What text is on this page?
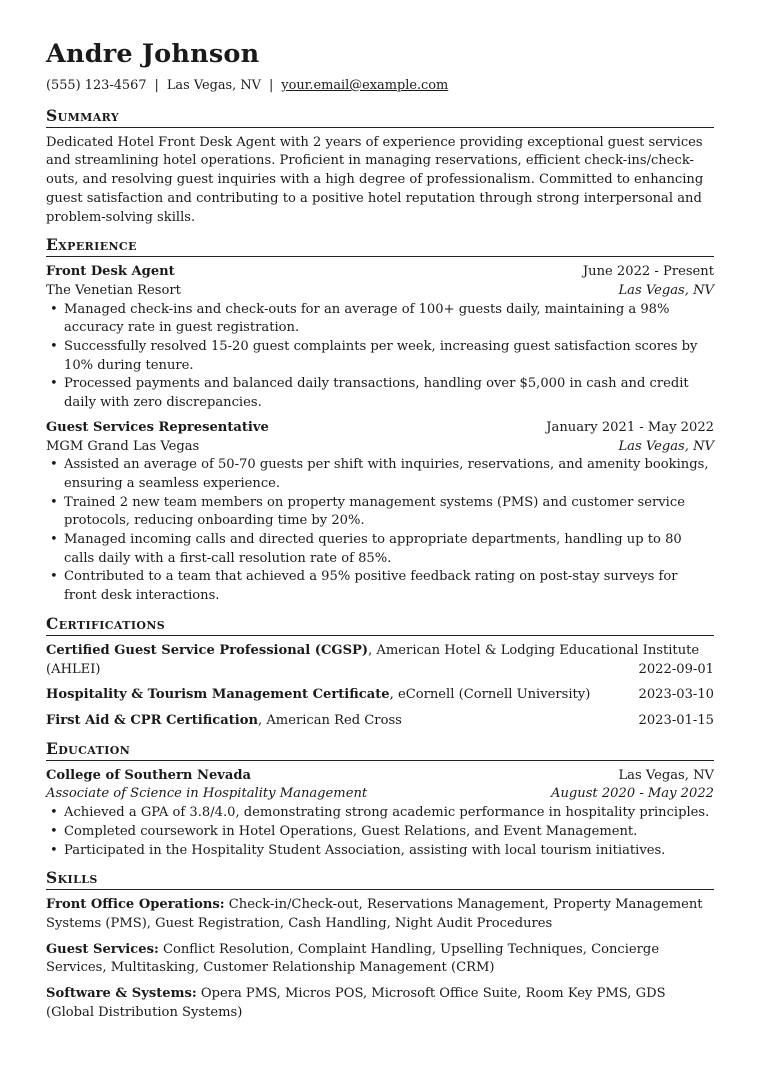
Andre Johnson
(555) 123-4567 | Las Vegas, NV | your.email@example.com
Summary

Dedicated Hotel Front Desk Agent with 2 years of experience providing exceptional guest services and streamlining hotel operations. Proficient in managing reservations, efficient check-ins/check-outs, and resolving guest inquiries with a high degree of professionalism. Committed to enhancing guest satisfaction and contributing to a positive hotel reputation through strong interpersonal and problem-solving skills.

Experience
Front Desk Agent	June 2022 - Present
The Venetian Resort	Las Vegas, NV
• Managed check-ins and check-outs for an average of 100+ guests daily, maintaining a 98% accuracy rate in guest registration.
• Successfully resolved 15-20 guest complaints per week, increasing guest satisfaction scores by 10% during tenure.
• Processed payments and balanced daily transactions, handling over $5,000 in cash and credit daily with zero discrepancies.
Guest Services Representative	January 2021 - May 2022
MGM Grand Las Vegas	Las Vegas, NV
• Assisted an average of 50-70 guests per shift with inquiries, reservations, and amenity bookings, ensuring a seamless experience.
• Trained 2 new team members on property management systems (PMS) and customer service protocols, reducing onboarding time by 20%.
• Managed incoming calls and directed queries to appropriate departments, handling up to 80 calls daily with a first-call resolution rate of 85%.
• Contributed to a team that achieved a 95% positive feedback rating on post-stay surveys for front desk interactions.
Certifications
Certified Guest Service Professional (CGSP), American Hotel & Lodging Educational Institute (AHLEI)	2022-09-01
Hospitality & Tourism Management Certificate, eCornell (Cornell University)	2023-03-10
First Aid & CPR Certification, American Red Cross	2023-01-15
Education
College of Southern Nevada	Las Vegas, NV
Associate of Science in Hospitality Management	August 2020 - May 2022
• Achieved a GPA of 3.8/4.0, demonstrating strong academic performance in hospitality principles.
• Completed coursework in Hotel Operations, Guest Relations, and Event Management.
• Participated in the Hospitality Student Association, assisting with local tourism initiatives.
Skills
Front Office Operations: Check-in/Check-out, Reservations Management, Property Management Systems (PMS), Guest Registration, Cash Handling, Night Audit Procedures
Guest Services: Conflict Resolution, Complaint Handling, Upselling Techniques, Concierge Services, Multitasking, Customer Relationship Management (CRM)
Software & Systems: Opera PMS, Micros POS, Microsoft Office Suite, Room Key PMS, GDS (Global Distribution Systems)
